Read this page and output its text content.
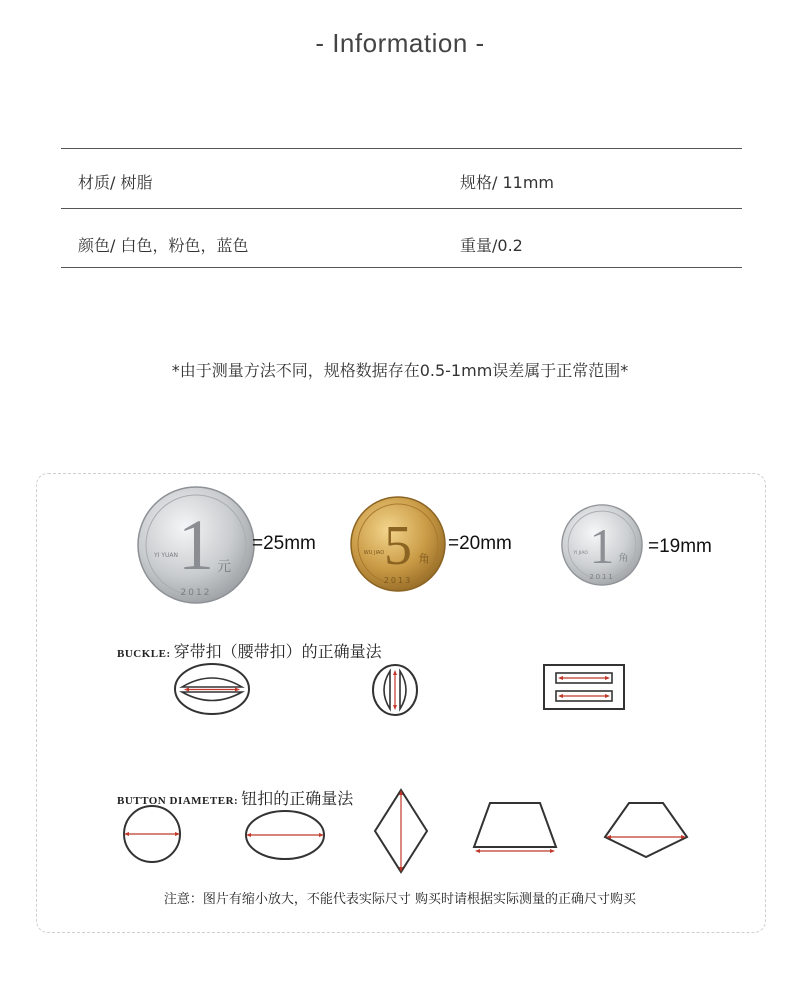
- Information -
材质/ 树脂	规格/ 11mm
颜色/ 白色，粉色，蓝色	重量/0.2
*由于测量方法不同，规格数据存在0.5-1mm误差属于正常范围*
1 元
YI YUAN
2012
=25mm 5 角
WU JIAO
2013
=20mm 1 角
YI JIAO
2011
=19mm
BUCKLE: 穿带扣（腰带扣）的正确量法
BUTTON DIAMETER: 钮扣的正确量法
注意：图片有缩小放大，不能代表实际尺寸 购买时请根据实际测量的正确尺寸购买
